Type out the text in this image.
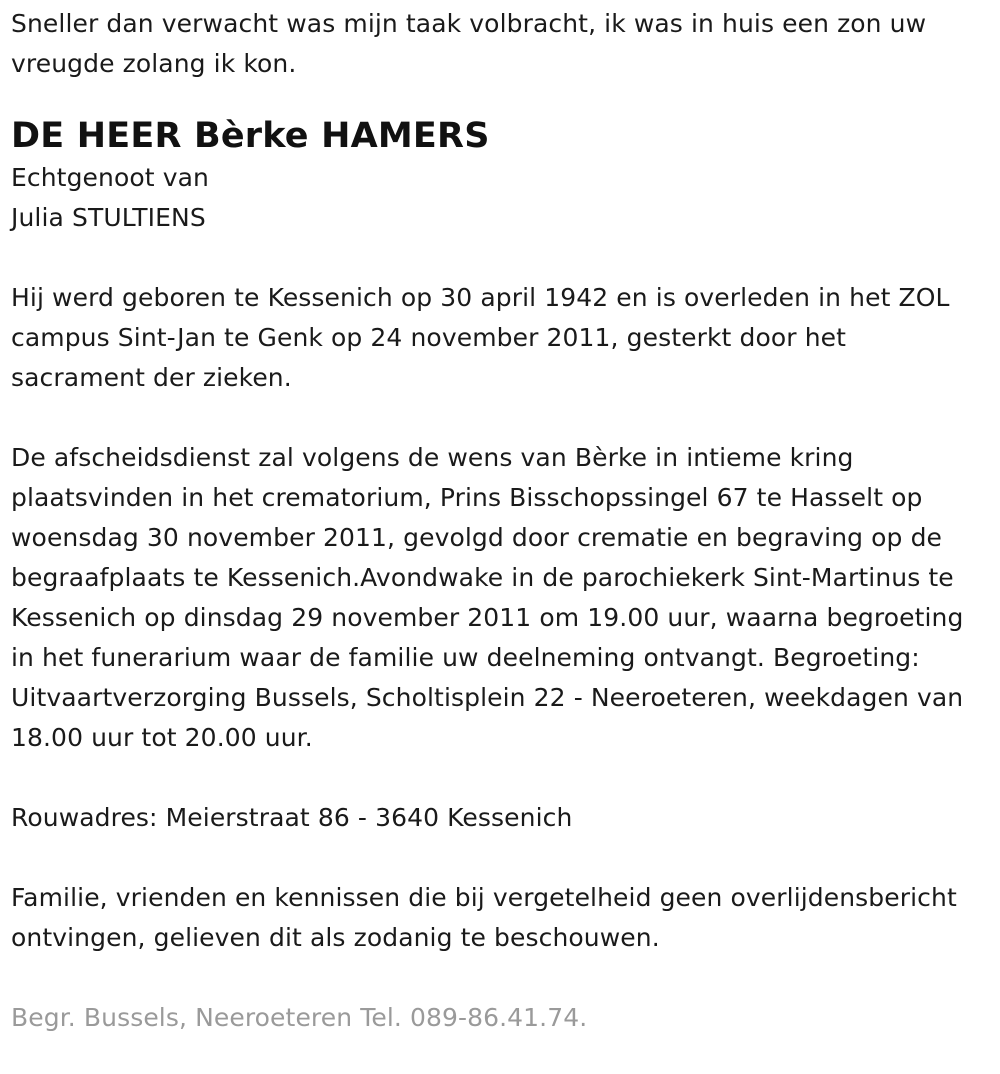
Sneller dan verwacht was mijn taak volbracht, ik was in huis een zon uw vreugde zolang ik kon.

DE HEER Bèrke HAMERS

Echtgenoot van

Julia STULTIENS

Hij werd geboren te Kessenich op 30 april 1942 en is overleden in het ZOL campus Sint-Jan te Genk op 24 november 2011, gesterkt door het sacrament der zieken.

De afscheidsdienst zal volgens de wens van Bèrke in intieme kring plaatsvinden in het crematorium, Prins Bisschopssingel 67 te Hasselt op woensdag 30 november 2011, gevolgd door crematie en begraving op de begraafplaats te Kessenich.Avondwake in de parochiekerk Sint-Martinus te Kessenich op dinsdag 29 november 2011 om 19.00 uur, waarna begroeting in het funerarium waar de familie uw deelneming ontvangt. Begroeting: Uitvaartverzorging Bussels, Scholtisplein 22 - Neeroeteren, weekdagen van 18.00 uur tot 20.00 uur.

Rouwadres: Meierstraat 86 - 3640 Kessenich

Familie, vrienden en kennissen die bij vergetelheid geen overlijdensbericht ontvingen, gelieven dit als zodanig te beschouwen.

Begr. Bussels, Neeroeteren Tel. 089-86.41.74.
